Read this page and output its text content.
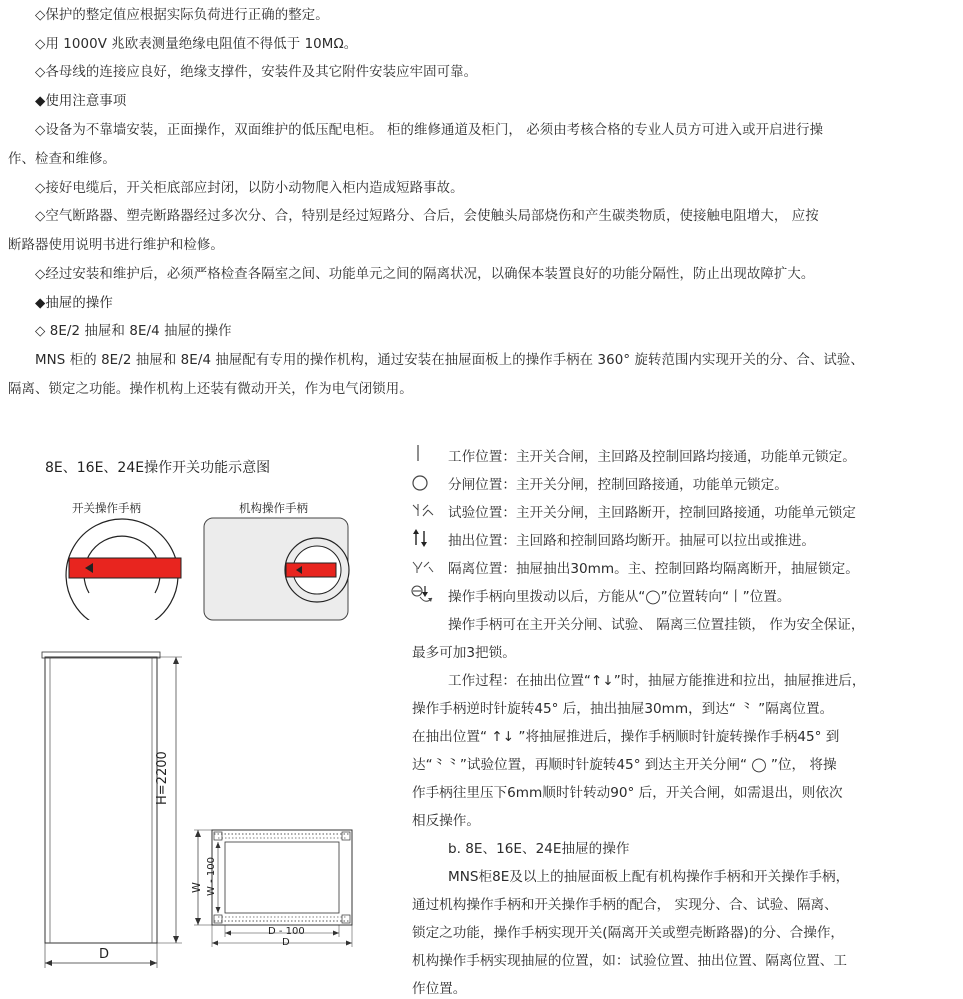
◇保护的整定值应根据实际负荷进行正确的整定。
◇用 1000V 兆欧表测量绝缘电阻值不得低于 10MΩ。
◇各母线的连接应良好，绝缘支撑件，安装件及其它附件安装应牢固可靠。
◆使用注意事项
◇设备为不靠墙安装，正面操作，双面维护的低压配电柜。 柜的维修通道及柜门， 必须由考核合格的专业人员方可进入或开启进行操
作、检查和维修。
◇接好电缆后，开关柜底部应封闭，以防小动物爬入柜内造成短路事故。
◇空气断路器、塑壳断路器经过多次分、合，特别是经过短路分、合后，会使触头局部烧伤和产生碳类物质，使接触电阻增大， 应按
断路器使用说明书进行维护和检修。
◇经过安装和维护后，必须严格检查各隔室之间、功能单元之间的隔离状况，以确保本装置良好的功能分隔性，防止出现故障扩大。
◆抽屉的操作
◇ 8E/2 抽屉和 8E/4 抽屉的操作
MNS 柜的 8E/2 抽屉和 8E/4 抽屉配有专用的操作机构，通过安装在抽屉面板上的操作手柄在 360° 旋转范围内实现开关的分、合、试验、
隔离、锁定之功能。操作机构上还装有微动开关，作为电气闭锁用。
8E、16E、24E操作开关功能示意图
开关操作手柄	机构操作手柄
H=2200
D
W W - 100
D - 100
D
工作位置：主开关合闸，主回路及控制回路均接通，功能单元锁定。
分闸位置：主开关分闸，控制回路接通，功能单元锁定。
试验位置：主开关分闸，主回路断开，控制回路接通，功能单元锁定
抽出位置：主回路和控制回路均断开。抽屉可以拉出或推进。
隔离位置：抽屉抽出30mm。主、控制回路均隔离断开，抽屉锁定。
操作手柄向里拨动以后，方能从“◯”位置转向“丨”位置。
操作手柄可在主开关分闸、试验、 隔离三位置挂锁， 作为安全保证，
最多可加3把锁。
工作过程：在抽出位置“↑↓”时，抽屉方能推进和拉出，抽屉推进后，
操作手柄逆时针旋转45° 后，抽出抽屉30mm，到达“ ⺀ ”隔离位置。
在抽出位置“ ↑↓ ”将抽屉推进后，操作手柄顺时针旋转操作手柄45° 到
达“⺀⺀”试验位置，再顺时针旋转45° 到达主开关分闸“ ◯ ”位， 将操
作手柄往里压下6mm顺时针转动90° 后，开关合闸，如需退出，则依次
相反操作。
b. 8E、16E、24E抽屉的操作
MNS柜8E及以上的抽屉面板上配有机构操作手柄和开关操作手柄，
通过机构操作手柄和开关操作手柄的配合， 实现分、合、试验、隔离、
锁定之功能，操作手柄实现开关(隔离开关或塑壳断路器)的分、合操作，
机构操作手柄实现抽屉的位置，如：试验位置、抽出位置、隔离位置、工
作位置。
